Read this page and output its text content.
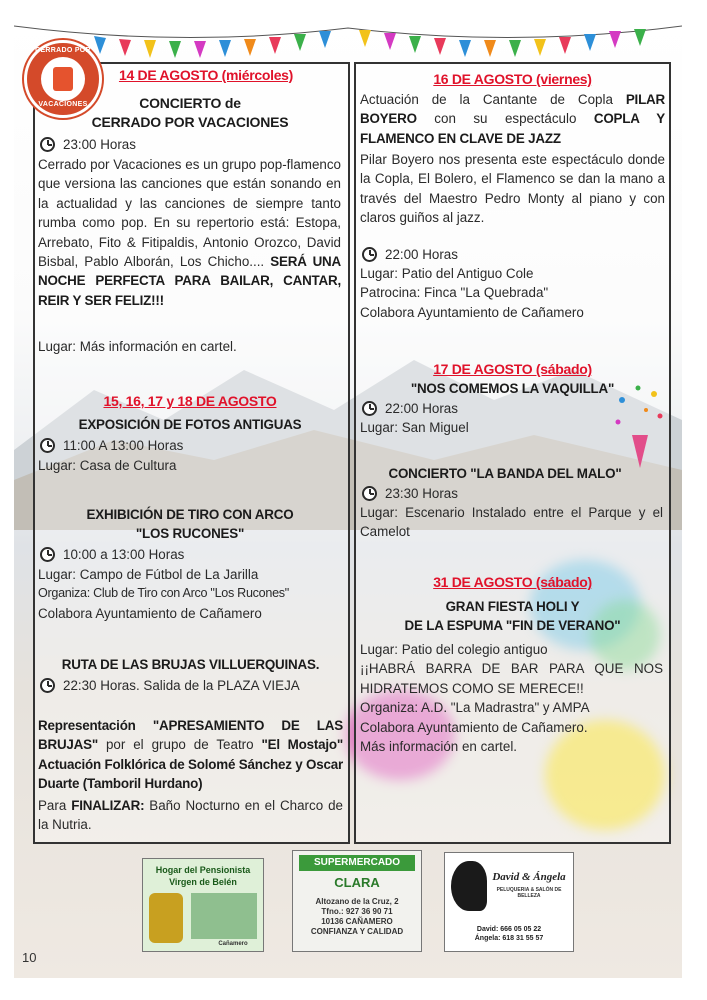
CERRADO POR
VACACIONES
14 DE AGOSTO (miércoles)
CONCIERTO de
CERRADO POR VACACIONES
23:00 Horas
Cerrado por Vacaciones es un grupo pop-flamenco que versiona las canciones que están sonando en la actualidad y las canciones de siempre tanto rumba como pop. En su repertorio está: Estopa, Arrebato, Fito & Fitipaldis, Antonio Orozco, David Bisbal, Pablo Alborán, Los Chicho.... SERÁ UNA NOCHE PERFECTA PARA BAILAR, CANTAR, REIR Y SER FELIZ!!!
Lugar: Más información en cartel.
15, 16, 17 y 18 DE AGOSTO
EXPOSICIÓN DE FOTOS ANTIGUAS
11:00 A 13:00 Horas
Lugar: Casa de Cultura
EXHIBICIÓN DE TIRO CON ARCO
"LOS RUCONES"
10:00 a 13:00 Horas
Lugar: Campo de Fútbol de La Jarilla
Organiza: Club de Tiro con Arco "Los Rucones"
Colabora Ayuntamiento de Cañamero
RUTA DE LAS BRUJAS VILLUERQUINAS.
22:30 Horas. Salida de la PLAZA VIEJA
Representación "APRESAMIENTO DE LAS BRUJAS" por el grupo de Teatro "El Mostajo" Actuación Folklórica de Solomé Sánchez y Oscar Duarte (Tamboril Hurdano)
Para FINALIZAR: Baño Nocturno en el Charco de la Nutria.
16 DE AGOSTO (viernes)
Actuación de la Cantante de Copla PILAR BOYERO con su espectáculo COPLA Y FLAMENCO EN CLAVE DE JAZZ
Pilar Boyero nos presenta este espectáculo donde la Copla, El Bolero, el Flamenco se dan la mano a través del Maestro Pedro Monty al piano y con claros guiños al jazz.
22:00 Horas
Lugar: Patio del Antiguo Cole
Patrocina: Finca "La Quebrada"
Colabora Ayuntamiento de Cañamero
17 DE AGOSTO (sábado)
"NOS COMEMOS LA VAQUILLA"
22:00 Horas
Lugar: San Miguel
CONCIERTO "LA BANDA DEL MALO"
23:30 Horas
Lugar: Escenario Instalado entre el Parque y el Camelot
31 DE AGOSTO (sábado)
GRAN FIESTA HOLI Y
DE LA ESPUMA "FIN DE VERANO"
Lugar: Patio del colegio antiguo
¡¡HABRÁ BARRA DE BAR PARA QUE NOS HIDRATEMOS COMO SE MERECE!!
Organiza: A.D. "La Madrastra" y AMPA
Colabora Ayuntamiento de Cañamero.
Más información en cartel.
Hogar del Pensionista
Virgen de Belén
Cañamero
SUPERMERCADO
CLARA
Altozano de la Cruz, 2
Tfno.: 927 36 90 71
10136 CAÑAMERO
CONFIANZA Y CALIDAD
David & Ángela
PELUQUERIA & SALÓN DE BELLEZA
David: 666 05 05 22
Ángela: 618 31 55 57
10
